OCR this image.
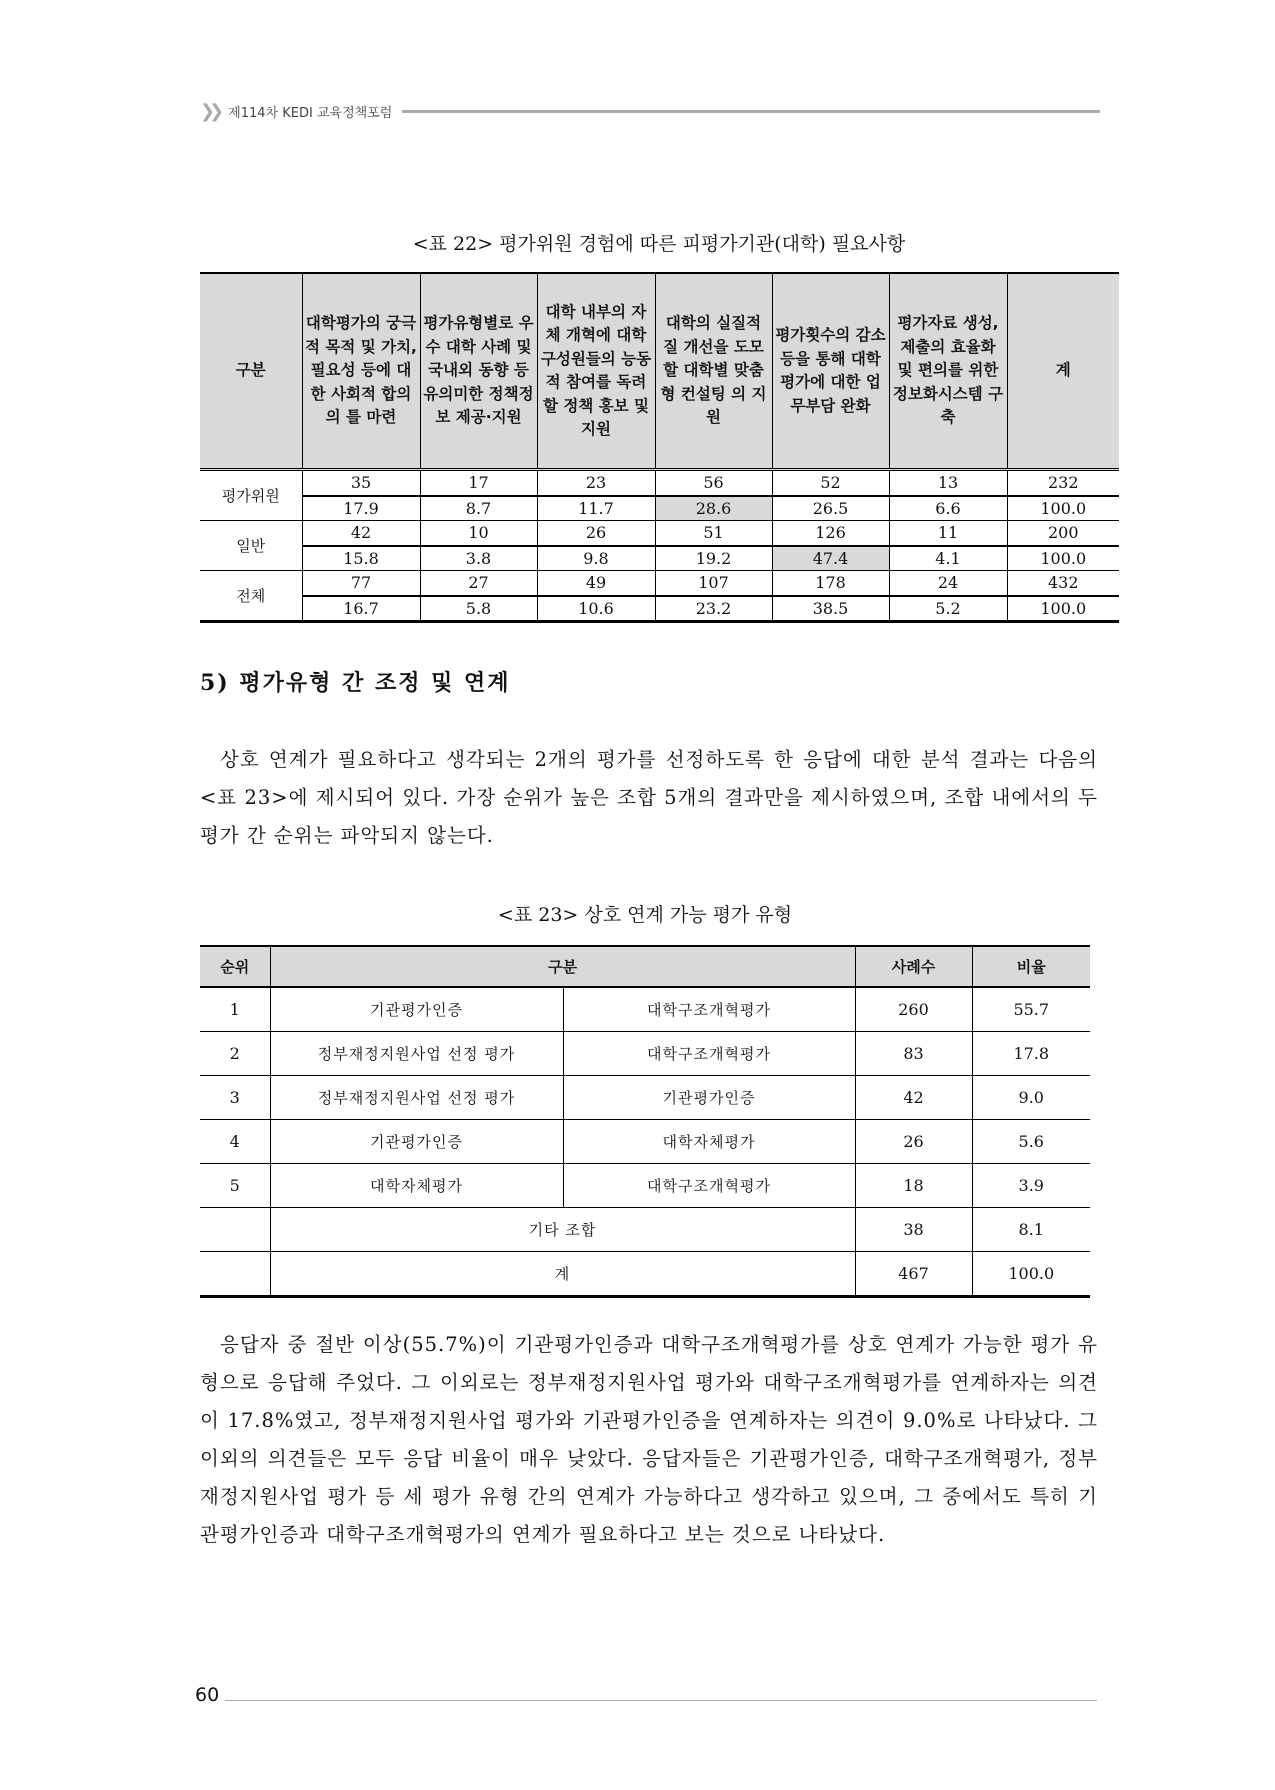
❯❯ 제114차 KEDI 교육정책포럼
<표 22> 평가위원 경험에 따른 피평가기관(대학) 필요사항
구분	대학평가의 궁극적 목적 및 가치, 필요성 등에 대한 사회적 합의의 틀 마련	평가유형별로 우수 대학 사례 및 국내외 동향 등 유의미한 정책정보 제공·지원	대학 내부의 자체 개혁에 대학구성원들의 능동적 참여를 독려할 정책 홍보 및 지원	대학의 실질적 질 개선을 도모할 대학별 맞춤형 컨설팅 의 지원	평가횟수의 감소 등을 통해 대학평가에 대한 업무부담 완화	평가자료 생성, 제출의 효율화 및 편의를 위한 정보화시스템 구축	계
평가위원	35	17	23	56	52	13	232
	17.9	8.7	11.7	28.6	26.5	6.6	100.0
일반	42	10	26	51	126	11	200
	15.8	3.8	9.8	19.2	47.4	4.1	100.0
전체	77	27	49	107	178	24	432
	16.7	5.8	10.6	23.2	38.5	5.2	100.0
5) 평가유형 간 조정 및 연계
상호 연계가 필요하다고 생각되는 2개의 평가를 선정하도록 한 응답에 대한 분석 결과는 다음의 <표 23>에 제시되어 있다. 가장 순위가 높은 조합 5개의 결과만을 제시하였으며, 조합 내에서의 두 평가 간 순위는 파악되지 않는다.
<표 23> 상호 연계 가능 평가 유형
순위	구분		사례수	비율
1	기관평가인증	대학구조개혁평가	260	55.7
2	정부재정지원사업 선정 평가	대학구조개혁평가	83	17.8
3	정부재정지원사업 선정 평가	기관평가인증	42	9.0
4	기관평가인증	대학자체평가	26	5.6
5	대학자체평가	대학구조개혁평가	18	3.9
	기타 조합		38	8.1
	계		467	100.0
응답자 중 절반 이상(55.7%)이 기관평가인증과 대학구조개혁평가를 상호 연계가 가능한 평가 유형으로 응답해 주었다. 그 이외로는 정부재정지원사업 평가와 대학구조개혁평가를 연계하자는 의견이 17.8%였고, 정부재정지원사업 평가와 기관평가인증을 연계하자는 의견이 9.0%로 나타났다. 그 이외의 의견들은 모두 응답 비율이 매우 낮았다. 응답자들은 기관평가인증, 대학구조개혁평가, 정부재정지원사업 평가 등 세 평가 유형 간의 연계가 가능하다고 생각하고 있으며, 그 중에서도 특히 기관평가인증과 대학구조개혁평가의 연계가 필요하다고 보는 것으로 나타났다.
60
